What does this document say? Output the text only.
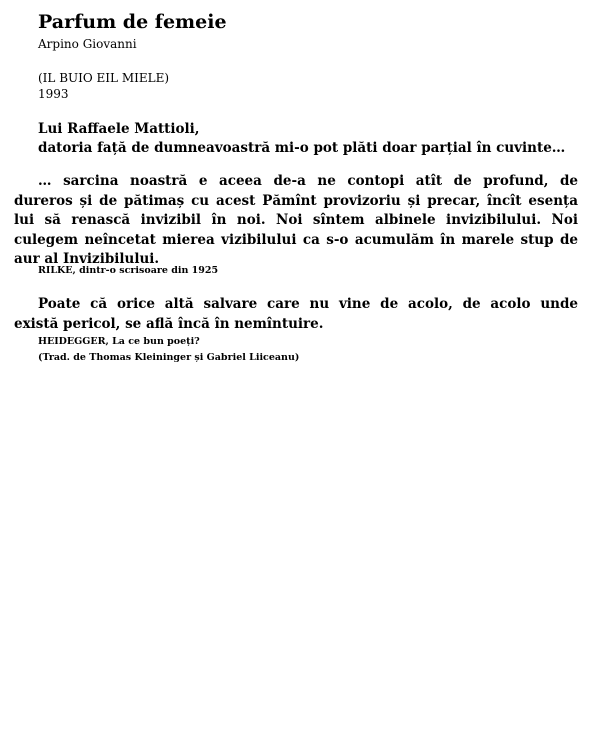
Parfum de femeie
Arpino Giovanni
(IL BUIO EIL MIELE)
1993
Lui Raffaele Mattioli,
datoria față de dumneavoastră mi-o pot plăti doar parțial în cuvinte…
… sarcina noastră e aceea de-a ne contopi atît de profund, de
dureros și de pătimaș cu acest Pămînt provizoriu și precar, încît esența
lui să renască invizibil în noi. Noi sîntem albinele invizibilului. Noi
culegem neîncetat mierea vizibilului ca s-o acumulăm în marele stup de
aur al Invizibilului.
RILKE, dintr-o scrisoare din 1925
Poate că orice altă salvare care nu vine de acolo, de acolo unde
există pericol, se află încă în nemîntuire.
HEIDEGGER, La ce bun poeți?
(Trad. de Thomas Kleininger și Gabriel Liiceanu)
